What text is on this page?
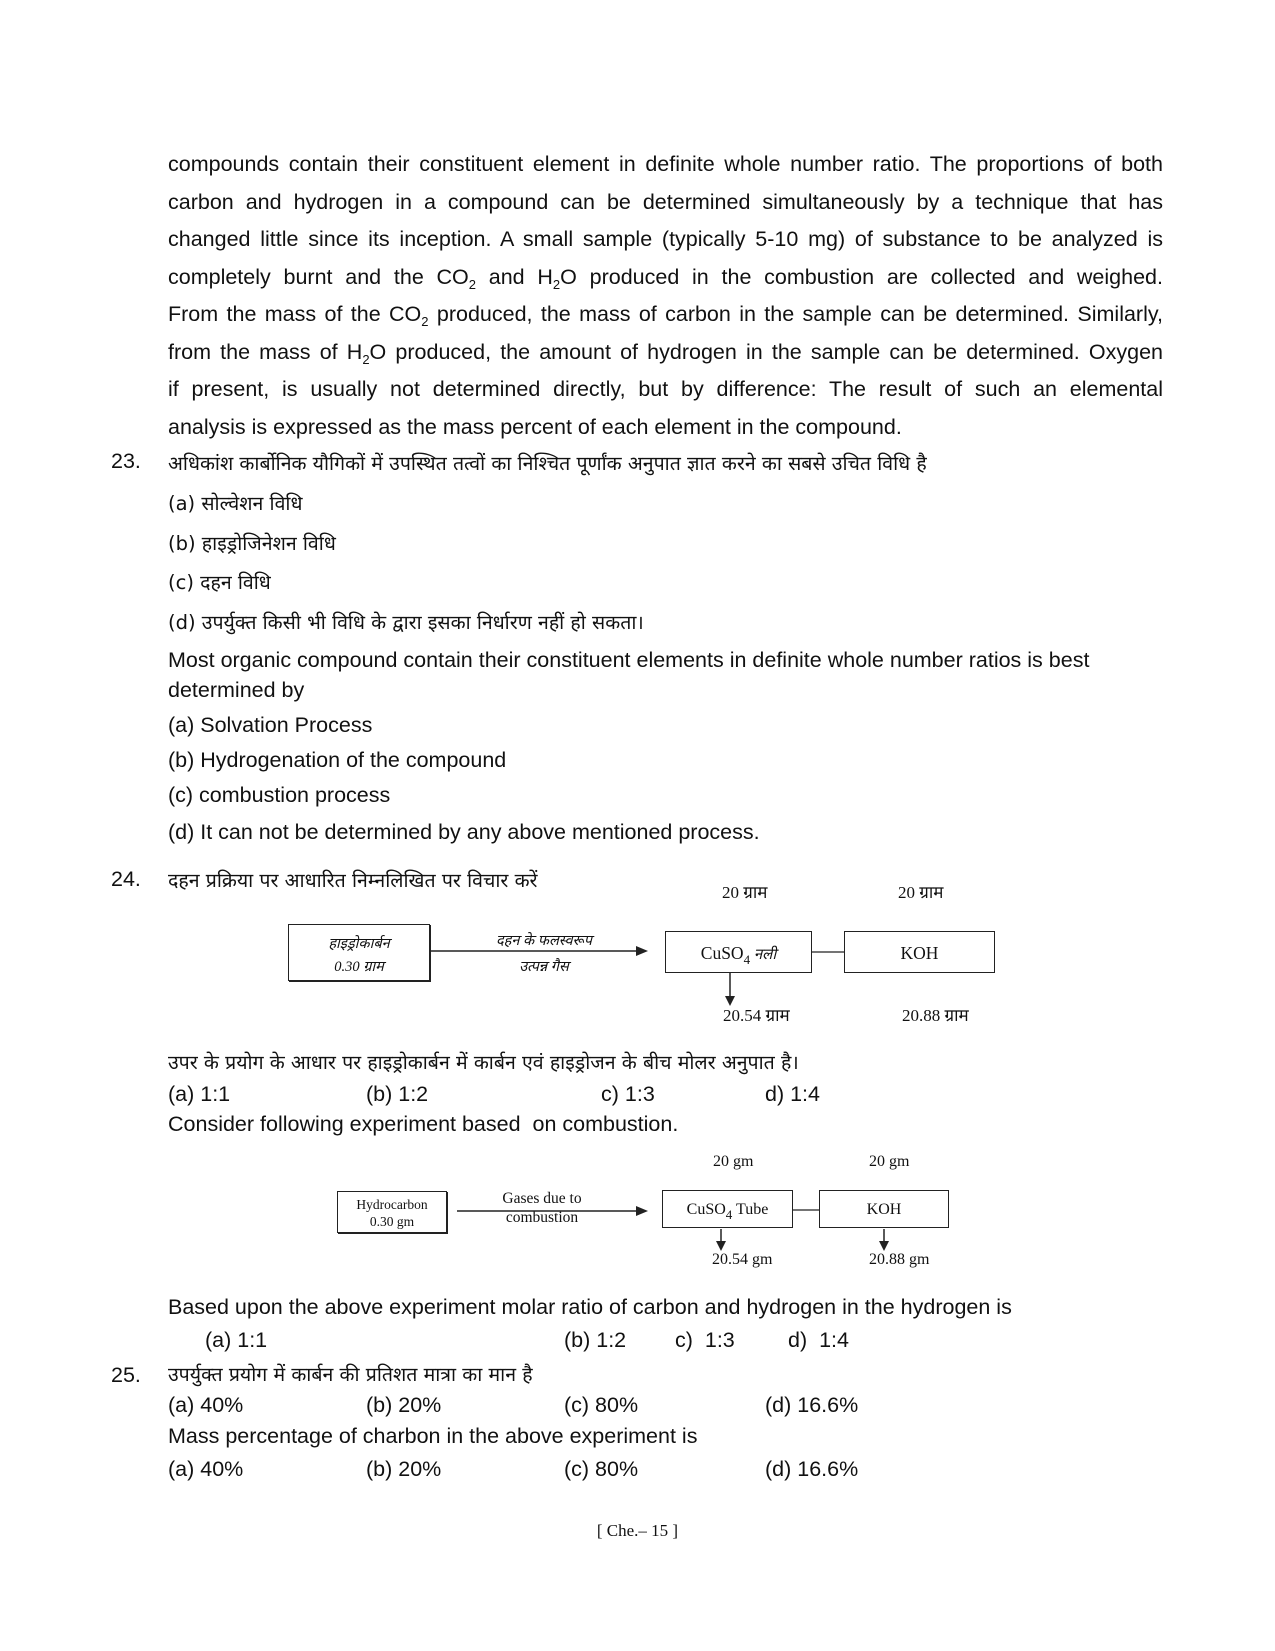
compounds contain their constituent element in definite whole number ratio. The proportions of both
carbon and hydrogen in a compound can be determined simultaneously by a technique that has
changed little since its inception. A small sample (typically 5-10 mg) of substance to be analyzed is
completely burnt and the $CO_2$ and $H_2O$ produced in the combustion are collected and weighed.
From the mass of the $CO_2$ produced, the mass of carbon in the sample can be determined. Similarly,
from the mass of $H_2O$ produced, the amount of hydrogen in the sample can be determined. Oxygen
if present, is usually not determined directly, but by difference: The result of such an elemental
analysis is expressed as the mass percent of each element in the compound.
23. अधिकांश कार्बोनिक यौगिकों में उपस्थित तत्वों का निश्चित पूर्णांक अनुपात ज्ञात करने का सबसे उचित विधि है
(a) सोल्वेशन विधि
(b) हाइड्रोजिनेशन विधि
(c) दहन विधि
(d) उपर्युक्त किसी भी विधि के द्वारा इसका निर्धारण नहीं हो सकता।
Most organic compound contain their constituent elements in definite whole number ratios is best
determined by
(a) Solvation Process
(b) Hydrogenation of the compound
(c) combustion process
(d) It can not be determined by any above mentioned process.
24. दहन प्रक्रिया पर आधारित निम्नलिखित पर विचार करें
20 ग्राम	20 ग्राम
हाइड्रोकार्बन
0.30 ग्राम
दहन के फलस्वरूप
उत्पन्न गैस
CuSO$_4$ नली	KOH
20.54 ग्राम	20.88 ग्राम
उपर के प्रयोग के आधार पर हाइड्रोकार्बन में कार्बन एवं हाइड्रोजन के बीच मोलर अनुपात है।
(a) 1:1	(b) 1:2	c) 1:3	d) 1:4
Consider following experiment based  on combustion.
20 gm	20 gm
Hydrocarbon
0.30 gm
Gases due to
combustion	CuSO$_4$ Tube	KOH
20.54 gm	20.88 gm
Based upon the above experiment molar ratio of carbon and hydrogen in the hydrogen is
(a) 1:1	(b) 1:2 c)  1:3 d)  1:4
25. उपर्युक्त प्रयोग में कार्बन की प्रतिशत मात्रा का मान है
(a) 40%	(b) 20%	(c) 80%	(d) 16.6%
Mass percentage of charbon in the above experiment is
(a) 40%	(b) 20%	(c) 80%	(d) 16.6%
[ Che.– 15 ]
